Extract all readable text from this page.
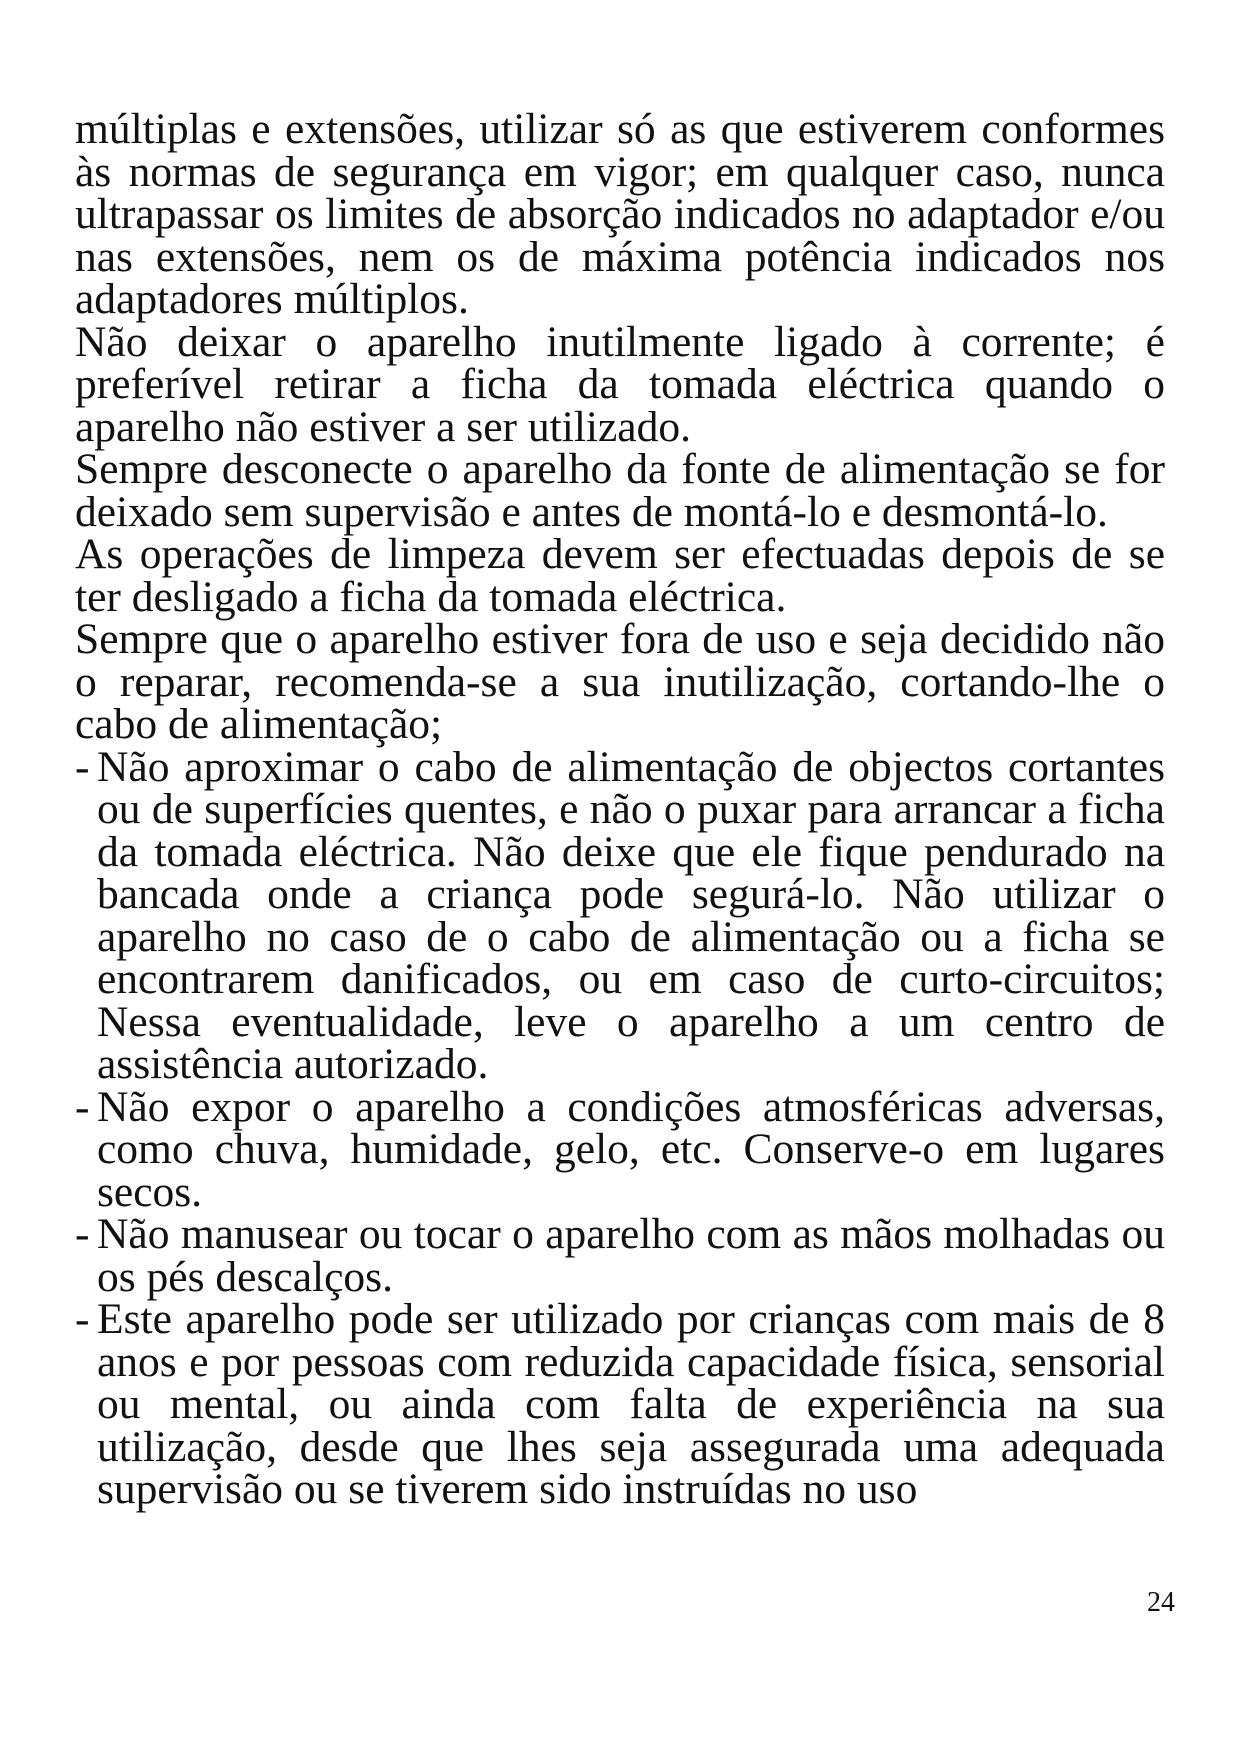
múltiplas e extensões, utilizar só as que estiverem conformes às normas de segurança em vigor; em qualquer caso, nunca ultrapassar os limites de absorção indicados no adaptador e/ou nas extensões, nem os de máxima potência indicados nos adaptadores múltiplos.

Não deixar o aparelho inutilmente ligado à corrente; é preferível retirar a ficha da tomada eléctrica quando o aparelho não estiver a ser utilizado.

Sempre desconecte o aparelho da fonte de alimentação se for deixado sem supervisão e antes de montá-lo e desmontá-lo.

As operações de limpeza devem ser efectuadas depois de se ter desligado a ficha da tomada eléctrica.

Sempre que o aparelho estiver fora de uso e seja decidido não o reparar, recomenda-se a sua inutilização, cortando-lhe o cabo de alimentação;

- Não aproximar o cabo de alimentação de objectos cortantes ou de superfícies quentes, e não o puxar para arrancar a ficha da tomada eléctrica. Não deixe que ele fique pendurado na bancada onde a criança pode segurá-lo. Não utilizar o aparelho no caso de o cabo de alimentação ou a ficha se encontrarem danificados, ou em caso de curto-circuitos; Nessa eventualidade, leve o aparelho a um centro de assistência autorizado.
- Não expor o aparelho a condições atmosféricas adversas, como chuva, humidade, gelo, etc. Conserve-o em lugares secos.
- Não manusear ou tocar o aparelho com as mãos molhadas ou os pés descalços.
- Este aparelho pode ser utilizado por crianças com mais de 8 anos e por pessoas com reduzida capacidade física, sensorial ou mental, ou ainda com falta de experiência na sua utilização, desde que lhes seja assegurada uma adequada supervisão ou se tiverem sido instruídas no uso
24
